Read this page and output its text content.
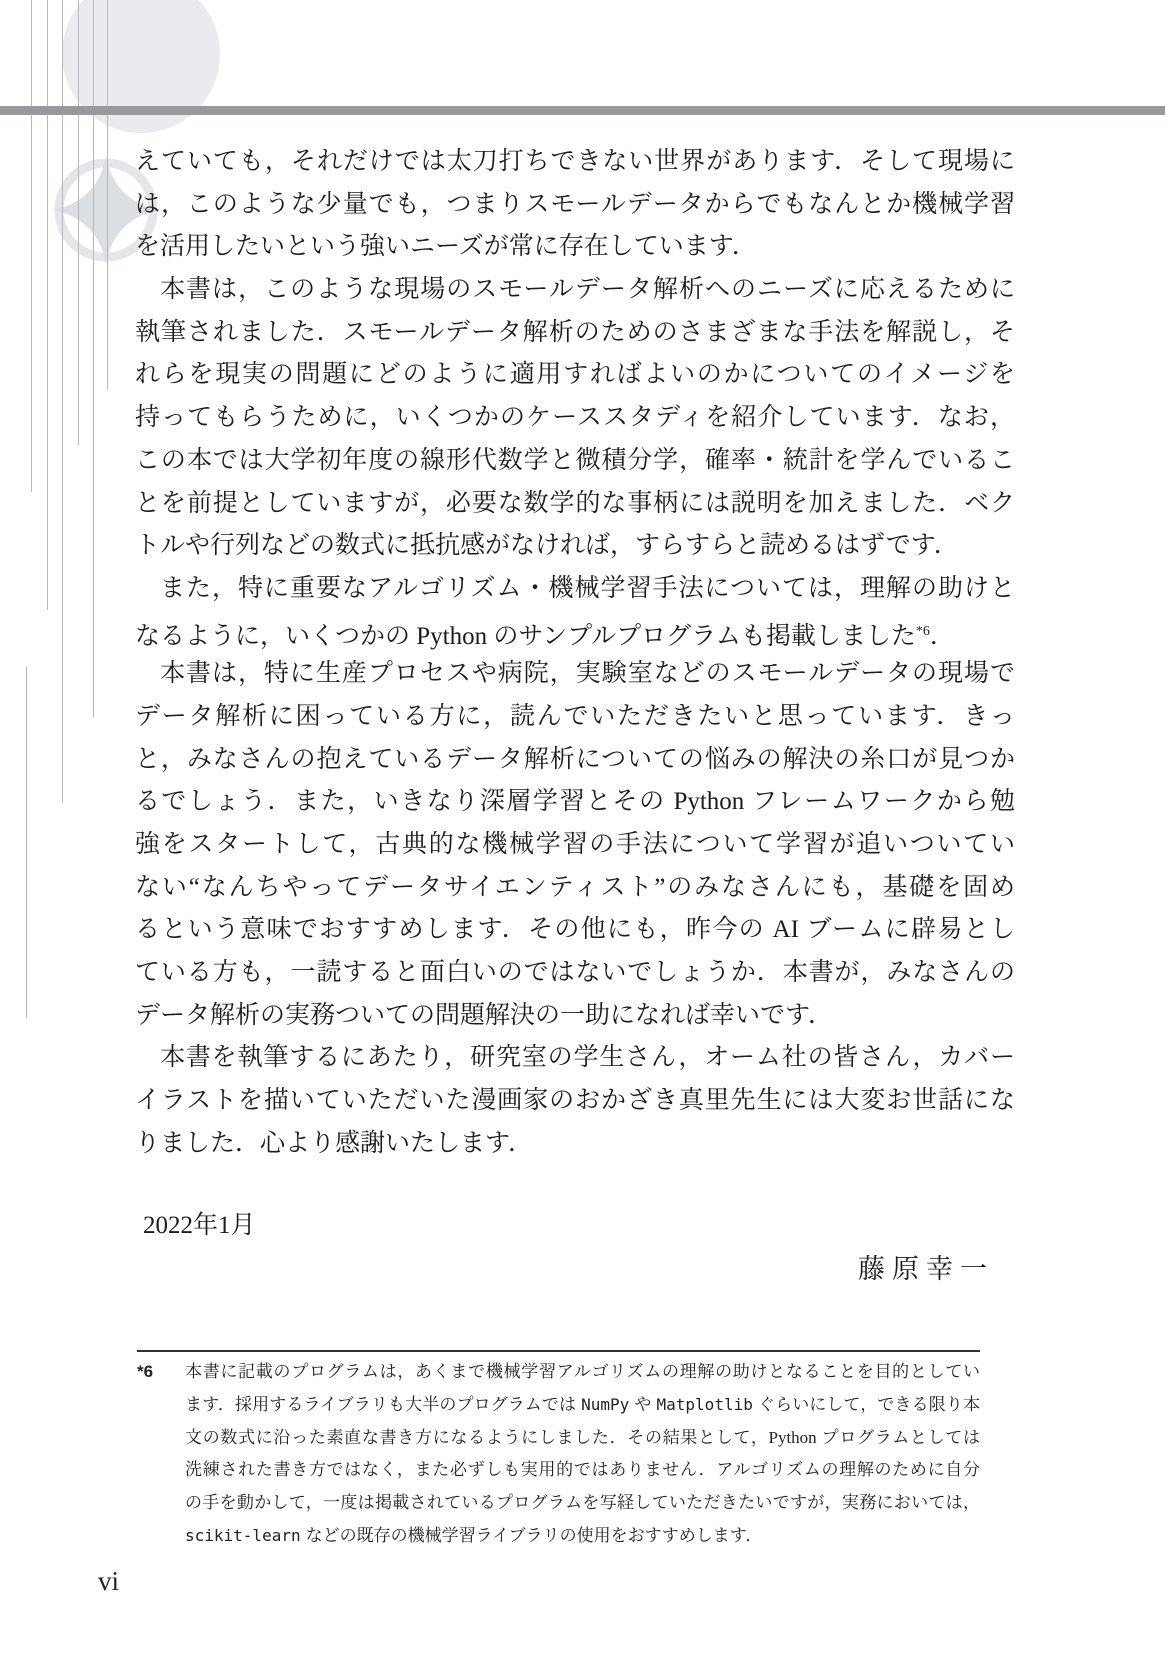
えていても，それだけでは太刀打ちできない世界があります．そして現場に

は，このような少量でも，つまりスモールデータからでもなんとか機械学習

を活用したいという強いニーズが常に存在しています．

本書は，このような現場のスモールデータ解析へのニーズに応えるために

執筆されました．スモールデータ解析のためのさまざまな手法を解説し，そ

れらを現実の問題にどのように適用すればよいのかについてのイメージを

持ってもらうために，いくつかのケーススタディを紹介しています．なお，

この本では大学初年度の線形代数学と微積分学，確率・統計を学んでいるこ

とを前提としていますが，必要な数学的な事柄には説明を加えました．ベク

トルや行列などの数式に抵抗感がなければ，すらすらと読めるはずです．

また，特に重要なアルゴリズム・機械学習手法については，理解の助けと

なるように，いくつかの Python のサンプルプログラムも掲載しました$^{*6}$．

本書は，特に生産プロセスや病院，実験室などのスモールデータの現場で

データ解析に困っている方に，読んでいただきたいと思っています．きっ

と，みなさんの抱えているデータ解析についての悩みの解決の糸口が見つか

るでしょう．また，いきなり深層学習とその Python フレームワークから勉

強をスタートして，古典的な機械学習の手法について学習が追いついてい

ない“なんちやってデータサイエンティスト”のみなさんにも，基礎を固め

るという意味でおすすめします．その他にも，昨今の AI ブームに辟易とし

ている方も，一読すると面白いのではないでしょうか．本書が，みなさんの

データ解析の実務ついての問題解決の一助になれば幸いです．

本書を執筆するにあたり，研究室の学生さん，オーム社の皆さん，カバー

イラストを描いていただいた漫画家のおかざき真里先生には大変お世話にな

りました．心より感謝いたします．

2022年1月
藤原幸一
*6 本書に記載のプログラムは，あくまで機械学習アルゴリズムの理解の助けとなることを目的としてい

ます．採用するライブラリも大半のプログラムでは NumPy や Matplotlib ぐらいにして，できる限り本

文の数式に沿った素直な書き方になるようにしました．その結果として，Python プログラムとしては

洗練された書き方ではなく，また必ずしも実用的ではありません．アルゴリズムの理解のために自分

の手を動かして，一度は掲載されているプログラムを写経していただきたいですが，実務においては，

scikit-learn などの既存の機械学習ライブラリの使用をおすすめします．

vi
